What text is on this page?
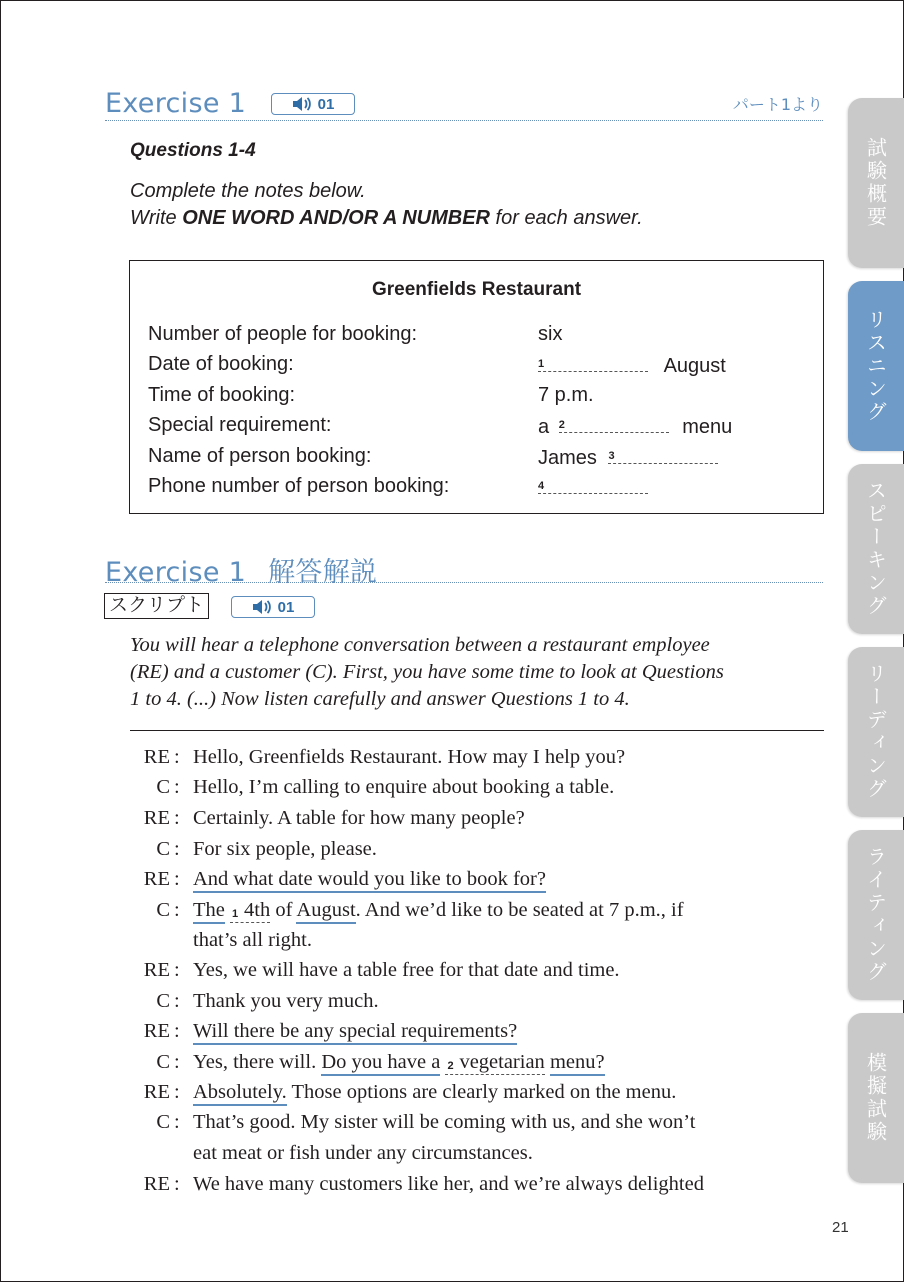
Exercise 1	01	パート1より
Questions 1-4
Complete the notes below.
Write ONE WORD AND/OR A NUMBER for each answer.
Greenfields Restaurant
Number of people for booking:	six
Date of booking:	1	August
Time of booking:	7 p.m.
Special requirement:	a 2	menu
Name of person booking:	James 3
Phone number of person booking:	4
Exercise 1 解答解説
スクリプト	01
You will hear a telephone conversation between a restaurant employee
(RE) and a customer (C). First, you have some time to look at Questions
1 to 4. (...) Now listen carefully and answer Questions 1 to 4.
RE : Hello, Greenfields Restaurant. How may I help you?
C : Hello, I’m calling to enquire about booking a table.
RE : Certainly. A table for how many people?
C : For six people, please.
RE : And what date would you like to book for?
C : The 1 4th of August. And we’d like to be seated at 7 p.m., if
that’s all right.
RE : Yes, we will have a table free for that date and time.
C : Thank you very much.
RE : Will there be any special requirements?
C : Yes, there will. Do you have a 2 vegetarian menu?
RE : Absolutely. Those options are clearly marked on the menu.
C : That’s good. My sister will be coming with us, and she won’t
eat meat or fish under any circumstances.
RE : We have many customers like her, and we’re always delighted
試験概要
リスニング
スピーキング
リーディング
ライティング
模擬試験
21
